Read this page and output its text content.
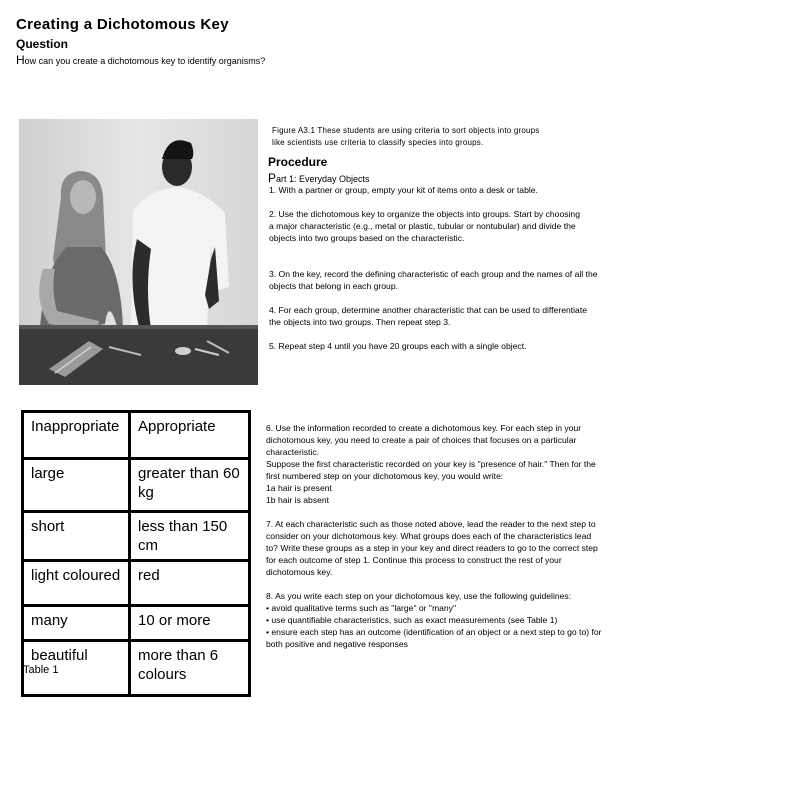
Creating a Dichotomous Key
Question
How can you create a dichotomous key to identify organisms?
Figure A3.1 These students are using criteria to sort objects into groups like scientists use criteria to classify species into groups.
Procedure
Part 1: Everyday Objects
1. With a partner or group, empty your kit of items onto a desk or table.
2. Use the dichotomous key to organize the objects into groups. Start by choosing a major characteristic (e.g., metal or plastic, tubular or nontubular) and divide the objects into two groups based on the characteristic.
3. On the key, record the defining characteristic of each group and the names of all the objects that belong in each group.
4. For each group, determine another characteristic that can be used to differentiate the objects into two groups. Then repeat step 3.
5. Repeat step 4 until you have 20 groups each with a single object.

6. Use the information recorded to create a dichotomous key. For each step in your dichotomous key, you need to create a pair of choices that focuses on a particular characteristic.
Suppose the first characteristic recorded on your key is "presence of hair." Then for the first numbered step on your dichotomous key, you would write:
1a hair is present
1b hair is absent

7. At each characteristic such as those noted above, lead the reader to the next step to consider on your dichotomous key. What groups does each of the characteristics lead to? Write these groups as a step in your key and direct readers to go to the correct step for each outcome of step 1. Continue this process to construct the rest of your dichotomous key.

8. As you write each step on your dichotomous key, use the following guidelines:
• avoid qualitative terms such as "large" or "many"
• use quantifiable characteristics, such as exact measurements (see Table 1)
• ensure each step has an outcome (identification of an object or a next step to go to) for both positive and negative responses

Inappropriate	Appropriate
large	greater than 60 kg
short	less than 150 cm
light coloured	red
many	10 or more
beautiful	more than 6 colours
Table 1
